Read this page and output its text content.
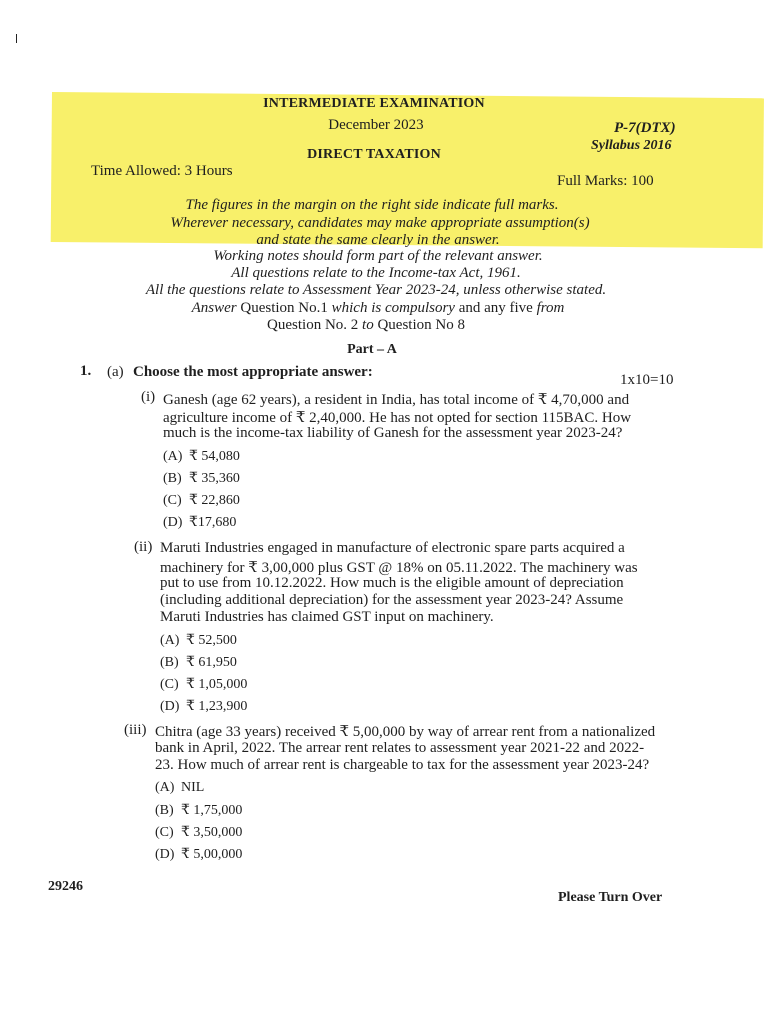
INTERMEDIATE EXAMINATION
December 2023	P-7(DTX)
Syllabus 2016
DIRECT TAXATION
Time Allowed: 3 Hours
Full Marks: 100
The figures in the margin on the right side indicate full marks.
Wherever necessary, candidates may make appropriate assumption(s)
and state the same clearly in the answer.
Working notes should form part of the relevant answer.
All questions relate to the Income-tax Act, 1961.
All the questions relate to Assessment Year 2023-24, unless otherwise stated.
Answer Question No.1 which is compulsory and any five from
Question No. 2 to Question No 8
Part – A
1. (a) Choose the most appropriate answer:	1x10=10
(i) Ganesh (age 62 years), a resident in India, has total income of ₹ 4,70,000 and
agriculture income of ₹ 2,40,000. He has not opted for section 115BAC. How
much is the income-tax liability of Ganesh for the assessment year 2023-24?
(A) ₹ 54,080
(B) ₹ 35,360
(C) ₹ 22,860
(D) ₹17,680
(ii) Maruti Industries engaged in manufacture of electronic spare parts acquired a
machinery for ₹ 3,00,000 plus GST @ 18% on 05.11.2022. The machinery was
put to use from 10.12.2022. How much is the eligible amount of depreciation
(including additional depreciation) for the assessment year 2023-24? Assume
Maruti Industries has claimed GST input on machinery.
(A) ₹ 52,500
(B) ₹ 61,950
(C) ₹ 1,05,000
(D) ₹ 1,23,900
(iii) Chitra (age 33 years) received ₹ 5,00,000 by way of arrear rent from a nationalized
bank in April, 2022. The arrear rent relates to assessment year 2021-22 and 2022-
23. How much of arrear rent is chargeable to tax for the assessment year 2023-24?
(A) NIL
(B) ₹ 1,75,000
(C) ₹ 3,50,000
(D) ₹ 5,00,000
29246
Please Turn Over
